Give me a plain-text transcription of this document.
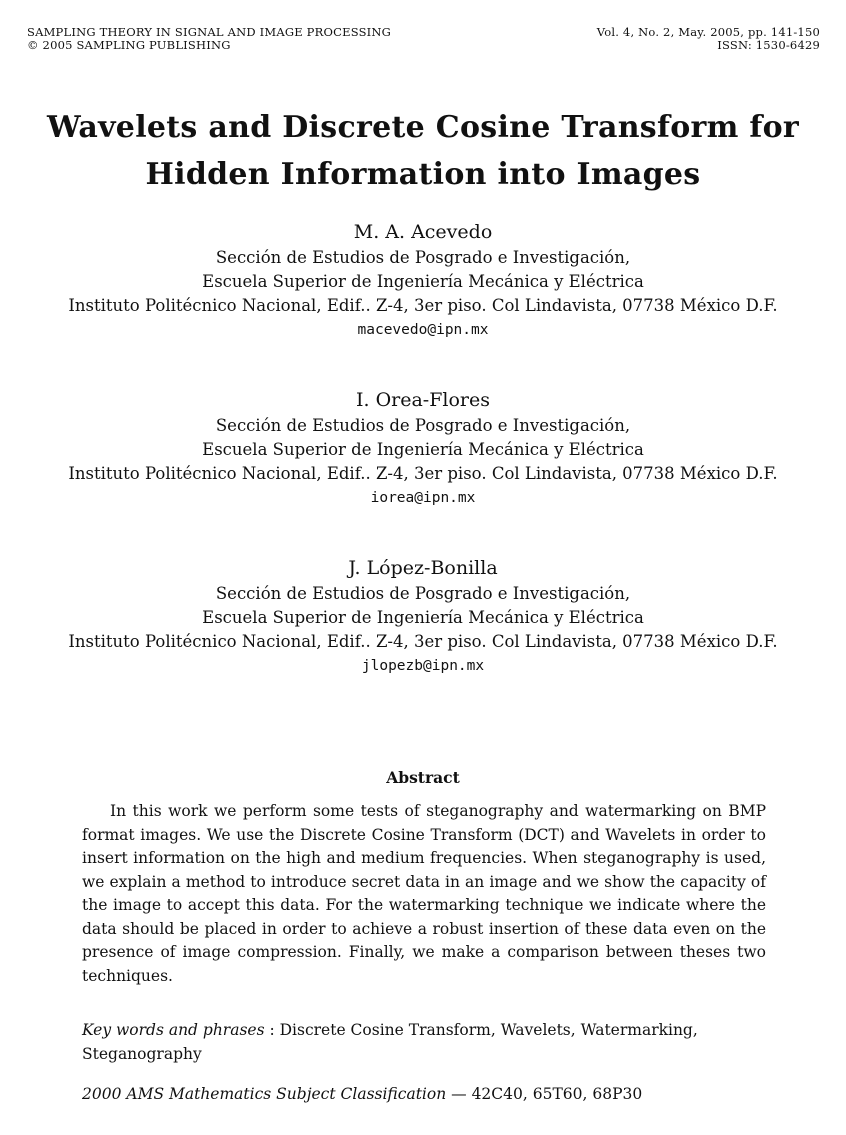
SAMPLING THEORY IN SIGNAL AND IMAGE PROCESSING
© 2005 SAMPLING PUBLISHING
Vol. 4, No. 2, May. 2005, pp. 141-150
ISSN: 1530-6429
Wavelets and Discrete Cosine Transform for
Hidden Information into Images
M. A. Acevedo
Sección de Estudios de Posgrado e Investigación,
Escuela Superior de Ingeniería Mecánica y Eléctrica
Instituto Politécnico Nacional, Edif.. Z-4, 3er piso. Col Lindavista, 07738 México D.F.
macevedo@ipn.mx
I. Orea-Flores
Sección de Estudios de Posgrado e Investigación,
Escuela Superior de Ingeniería Mecánica y Eléctrica
Instituto Politécnico Nacional, Edif.. Z-4, 3er piso. Col Lindavista, 07738 México D.F.
iorea@ipn.mx
J. López-Bonilla
Sección de Estudios de Posgrado e Investigación,
Escuela Superior de Ingeniería Mecánica y Eléctrica
Instituto Politécnico Nacional, Edif.. Z-4, 3er piso. Col Lindavista, 07738 México D.F.
jlopezb@ipn.mx
Abstract
In this work we perform some tests of steganography and watermarking on BMP format images. We use the Discrete Cosine Transform (DCT) and Wavelets in order to insert information on the high and medium frequencies. When steganography is used, we explain a method to introduce secret data in an image and we show the capacity of the image to accept this data. For the watermarking technique we indicate where the data should be placed in order to achieve a robust insertion of these data even on the presence of image compression. Finally, we make a comparison between theses two techniques.
Key words and phrases : Discrete Cosine Transform, Wavelets, Watermarking, Steganography
2000 AMS Mathematics Subject Classification — 42C40, 65T60, 68P30
